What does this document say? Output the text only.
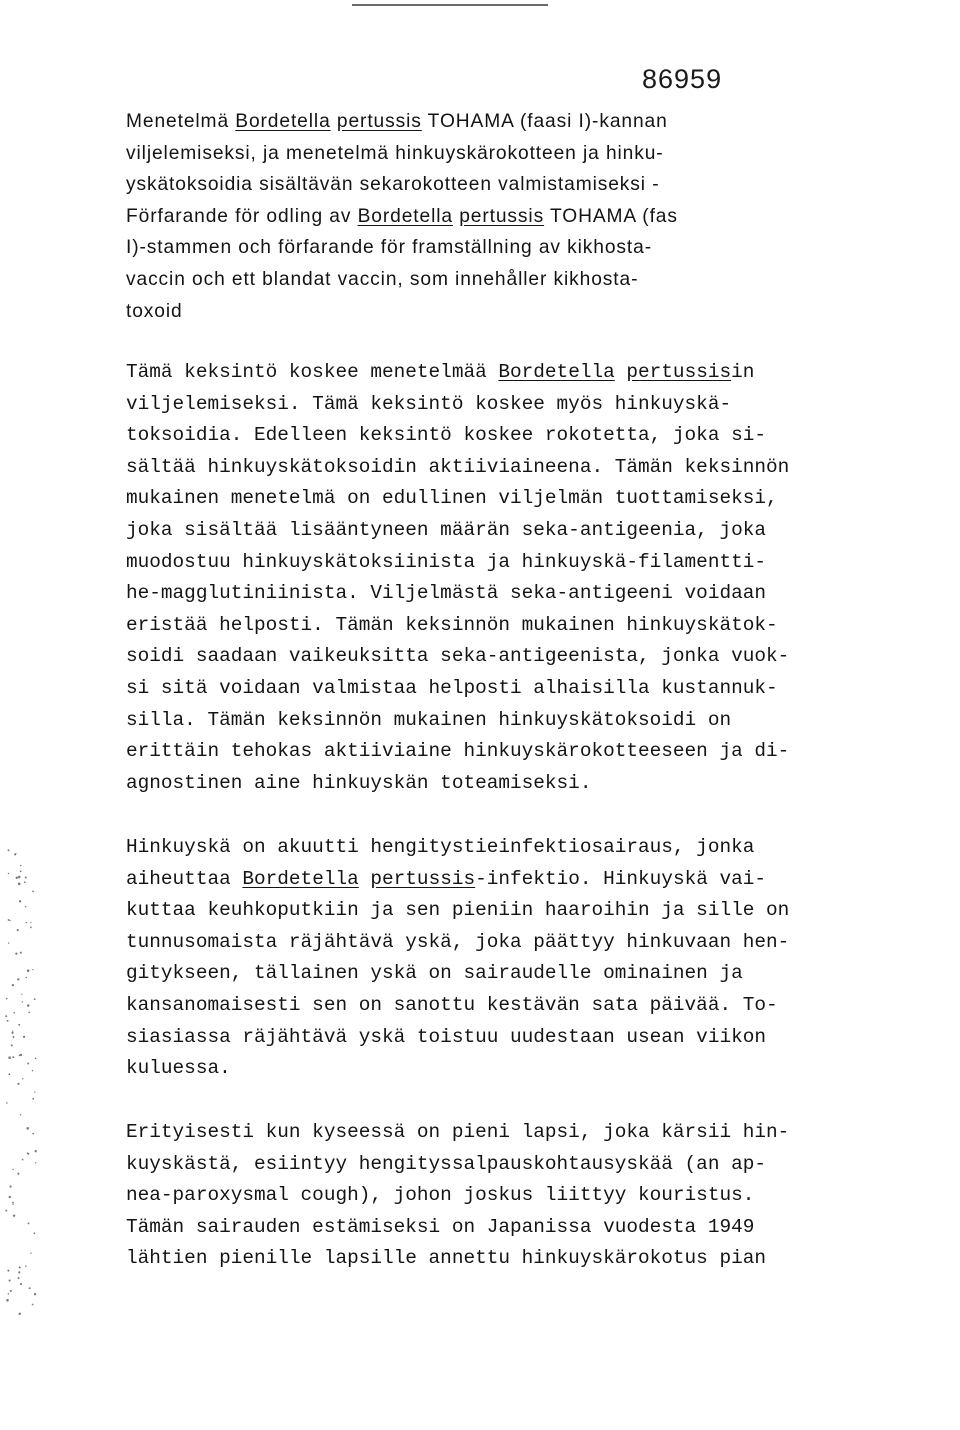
86959
Menetelmä Bordetella pertussis TOHAMA (faasi I)-kannan
viljelemiseksi, ja menetelmä hinkuyskärokotteen ja hinku-
yskätoksoidia sisältävän sekarokotteen valmistamiseksi -
Förfarande för odling av Bordetella pertussis TOHAMA (fas
I)-stammen och förfarande för framställning av kikhosta-
vaccin och ett blandat vaccin, som innehåller kikhosta-
toxoid
Tämä keksintö koskee menetelmää Bordetella pertussisin
viljelemiseksi. Tämä keksintö koskee myös hinkuyskä-
toksoidia. Edelleen keksintö koskee rokotetta, joka si-
sältää hinkuyskätoksoidin aktiiviaineena. Tämän keksinnön
mukainen menetelmä on edullinen viljelmän tuottamiseksi,
joka sisältää lisääntyneen määrän seka-antigeenia, joka
muodostuu hinkuyskätoksiinista ja hinkuyskä-filamentti-
he-magglutiniinista. Viljelmästä seka-antigeeni voidaan
eristää helposti. Tämän keksinnön mukainen hinkuyskätok-
soidi saadaan vaikeuksitta seka-antigeenista, jonka vuok-
si sitä voidaan valmistaa helposti alhaisilla kustannuk-
silla. Tämän keksinnön mukainen hinkuyskätoksoidi on
erittäin tehokas aktiiviaine hinkuyskärokotteeseen ja di-
agnostinen aine hinkuyskän toteamiseksi.
Hinkuyskä on akuutti hengitystieinfektiosairaus, jonka
aiheuttaa Bordetella pertussis-infektio. Hinkuyskä vai-
kuttaa keuhkoputkiin ja sen pieniin haaroihin ja sille on
tunnusomaista räjähtävä yskä, joka päättyy hinkuvaan hen-
gitykseen, tällainen yskä on sairaudelle ominainen ja
kansanomaisesti sen on sanottu kestävän sata päivää. To-
siasiassa räjähtävä yskä toistuu uudestaan usean viikon
kuluessa.
Erityisesti kun kyseessä on pieni lapsi, joka kärsii hin-
kuyskästä, esiintyy hengityssalpauskohtausyskää (an ap-
nea-paroxysmal cough), johon joskus liittyy kouristus.
Tämän sairauden estämiseksi on Japanissa vuodesta 1949
lähtien pienille lapsille annettu hinkuyskärokotus pian
